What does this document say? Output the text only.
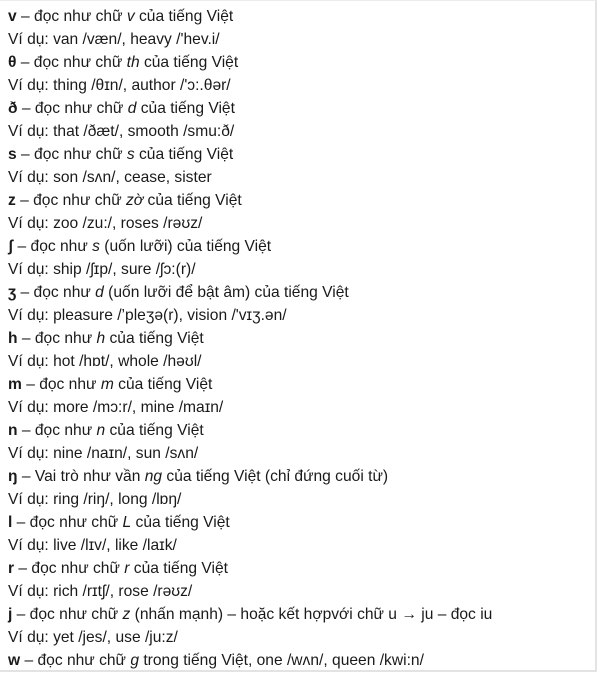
v – đọc như chữ v của tiếng Việt
Ví dụ: van /væn/, heavy /'hev.i/
θ – đọc như chữ th của tiếng Việt
Ví dụ: thing /θɪn/, author /'ɔ:.θər/
ð – đọc như chữ d của tiếng Việt
Ví dụ: that /ðæt/, smooth /smu:ð/
s – đọc như chữ s của tiếng Việt
Ví dụ: son /sʌn/, cease, sister
z – đọc như chữ zờ của tiếng Việt
Ví dụ: zoo /zu:/, roses /rəʊz/
ʃ – đọc như s (uốn lưỡi) của tiếng Việt
Ví dụ: ship /ʃɪp/, sure /ʃɔ:(r)/
ʒ – đọc như d (uốn lưỡi để bật âm) của tiếng Việt
Ví dụ: pleasure /’pleʒə(r), vision /'vɪʒ.ən/
h – đọc như h của tiếng Việt
Ví dụ: hot /hɒt/, whole /həʊl/
m – đọc như m của tiếng Việt
Ví dụ: more /mɔ:r/, mine /maɪn/
n – đọc như n của tiếng Việt
Ví dụ: nine /naɪn/, sun /sʌn/
ŋ – Vai trò như vần ng của tiếng Việt (chỉ đứng cuối từ)
Ví dụ: ring /riŋ/, long /lɒŋ/
l – đọc như chữ L của tiếng Việt
Ví dụ: live /lɪv/, like /laɪk/
r – đọc như chữ r của tiếng Việt
Ví dụ: rich /rɪtʃ/, rose /rəʊz/
j – đọc như chữ z (nhấn mạnh) – hoặc kết hợpvới chữ u → ju – đọc iu
Ví dụ: yet /jes/, use /ju:z/
w – đọc như chữ g trong tiếng Việt, one /wʌn/, queen /kwi:n/
